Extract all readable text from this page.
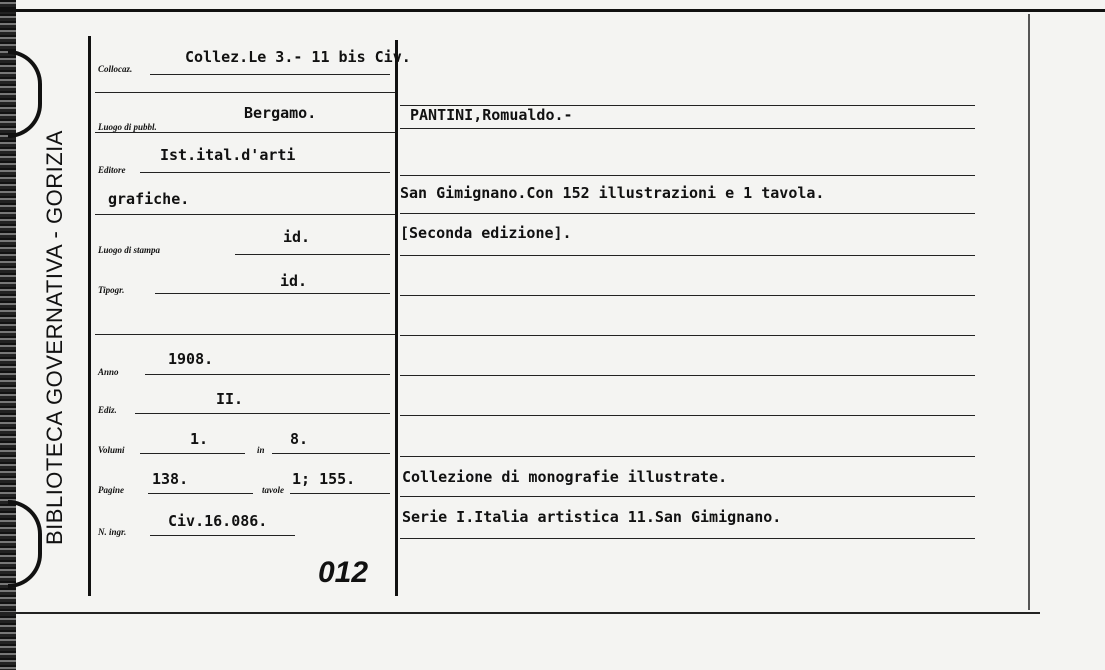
BIBLIOTECA GOVERNATIVA - GORIZIA
Collocaz.
Collez.Le 3.- 11 bis Civ.
Luogo di pubbl.
Bergamo.
Editore
Ist.ital.d'arti
grafiche.
Luogo di stampa
id.
Tipogr.	id.
Anno
1908.
Ediz.
II.
Volumi
1.
in
8.
Pagine
138.
tavole
1; 155.
N. ingr.
Civ.16.086.
012
PANTINI,Romualdo.-
San Gimignano.Con 152 illustrazioni e 1 tavola.
[Seconda edizione].
Collezione di monografie illustrate.
Serie I.Italia artistica 11.San Gimignano.
